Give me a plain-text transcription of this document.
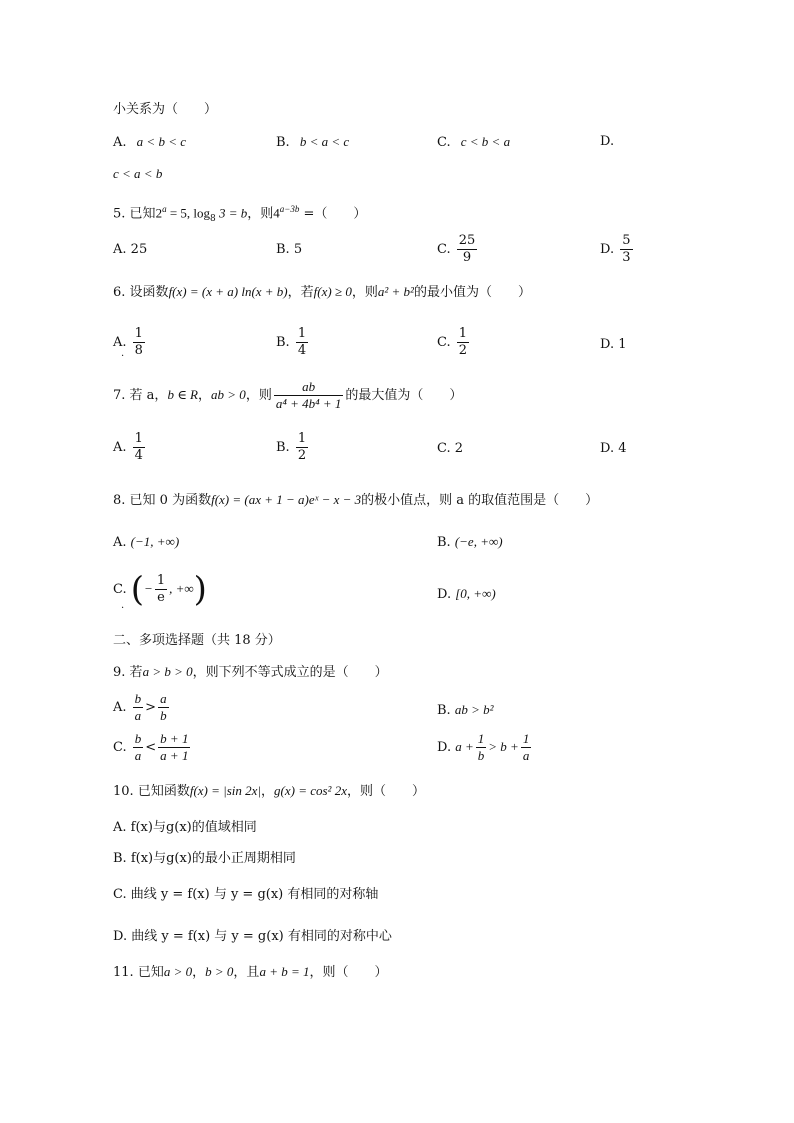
小关系为（　　）
A. a < b < c	B. b < a < c	C. c < b < a	D.
c < a < b
5. 已知$2^a = 5$, $\log_8 3 = b$，则$4^{a-3b}$ =（　　）
A. 25	B. 5	C. $\frac{25}{9}$	D. $\frac{5}{3}$
6. 设函数f(x) = (x + a) ln(x + b)，若f(x) ≥ 0，则a² + b²的最小值为（　　）
A. $\frac{1}{8}$
.
B. $\frac{1}{4}$	C. $\frac{1}{2}$	D. 1
7. 若 a，b ∈ R，ab > 0，则 $\frac{ab}{\text{a⁴ + 4b⁴ + 1}}$ 的最大值为（　　）
A. $\frac{1}{4}$	B. $\frac{1}{2}$	C. 2	D. 4
8. 已知 0 为函数f(x) = (ax + 1 − a)eˣ − x − 3的极小值点，则 a 的取值范围是（　　）
A. (−1, +∞)	B. (−e, +∞)
C. (− $\frac{1}{e}$ , +∞)
.
D. [0, +∞)
二、多项选择题（共 18 分）
9. 若a > b > 0，则下列不等式成立的是（　　）
A. $\frac{b}{a} > \frac{a}{b}$	B. ab > b²
C. $\frac{b}{a} < \frac{b + 1}{a + 1}$	D. $a + \frac{1}{b} > b + \frac{1}{a}$
10. 已知函数f(x) = |sin 2x|，g(x) = cos² 2x，则（　　）
A. f(x)与g(x)的值域相同
B. f(x)与g(x)的最小正周期相同
C. 曲线 y = f(x) 与 y = g(x) 有相同的对称轴
D. 曲线 y = f(x) 与 y = g(x) 有相同的对称中心
11. 已知a > 0，b > 0，且a + b = 1，则（　　）
